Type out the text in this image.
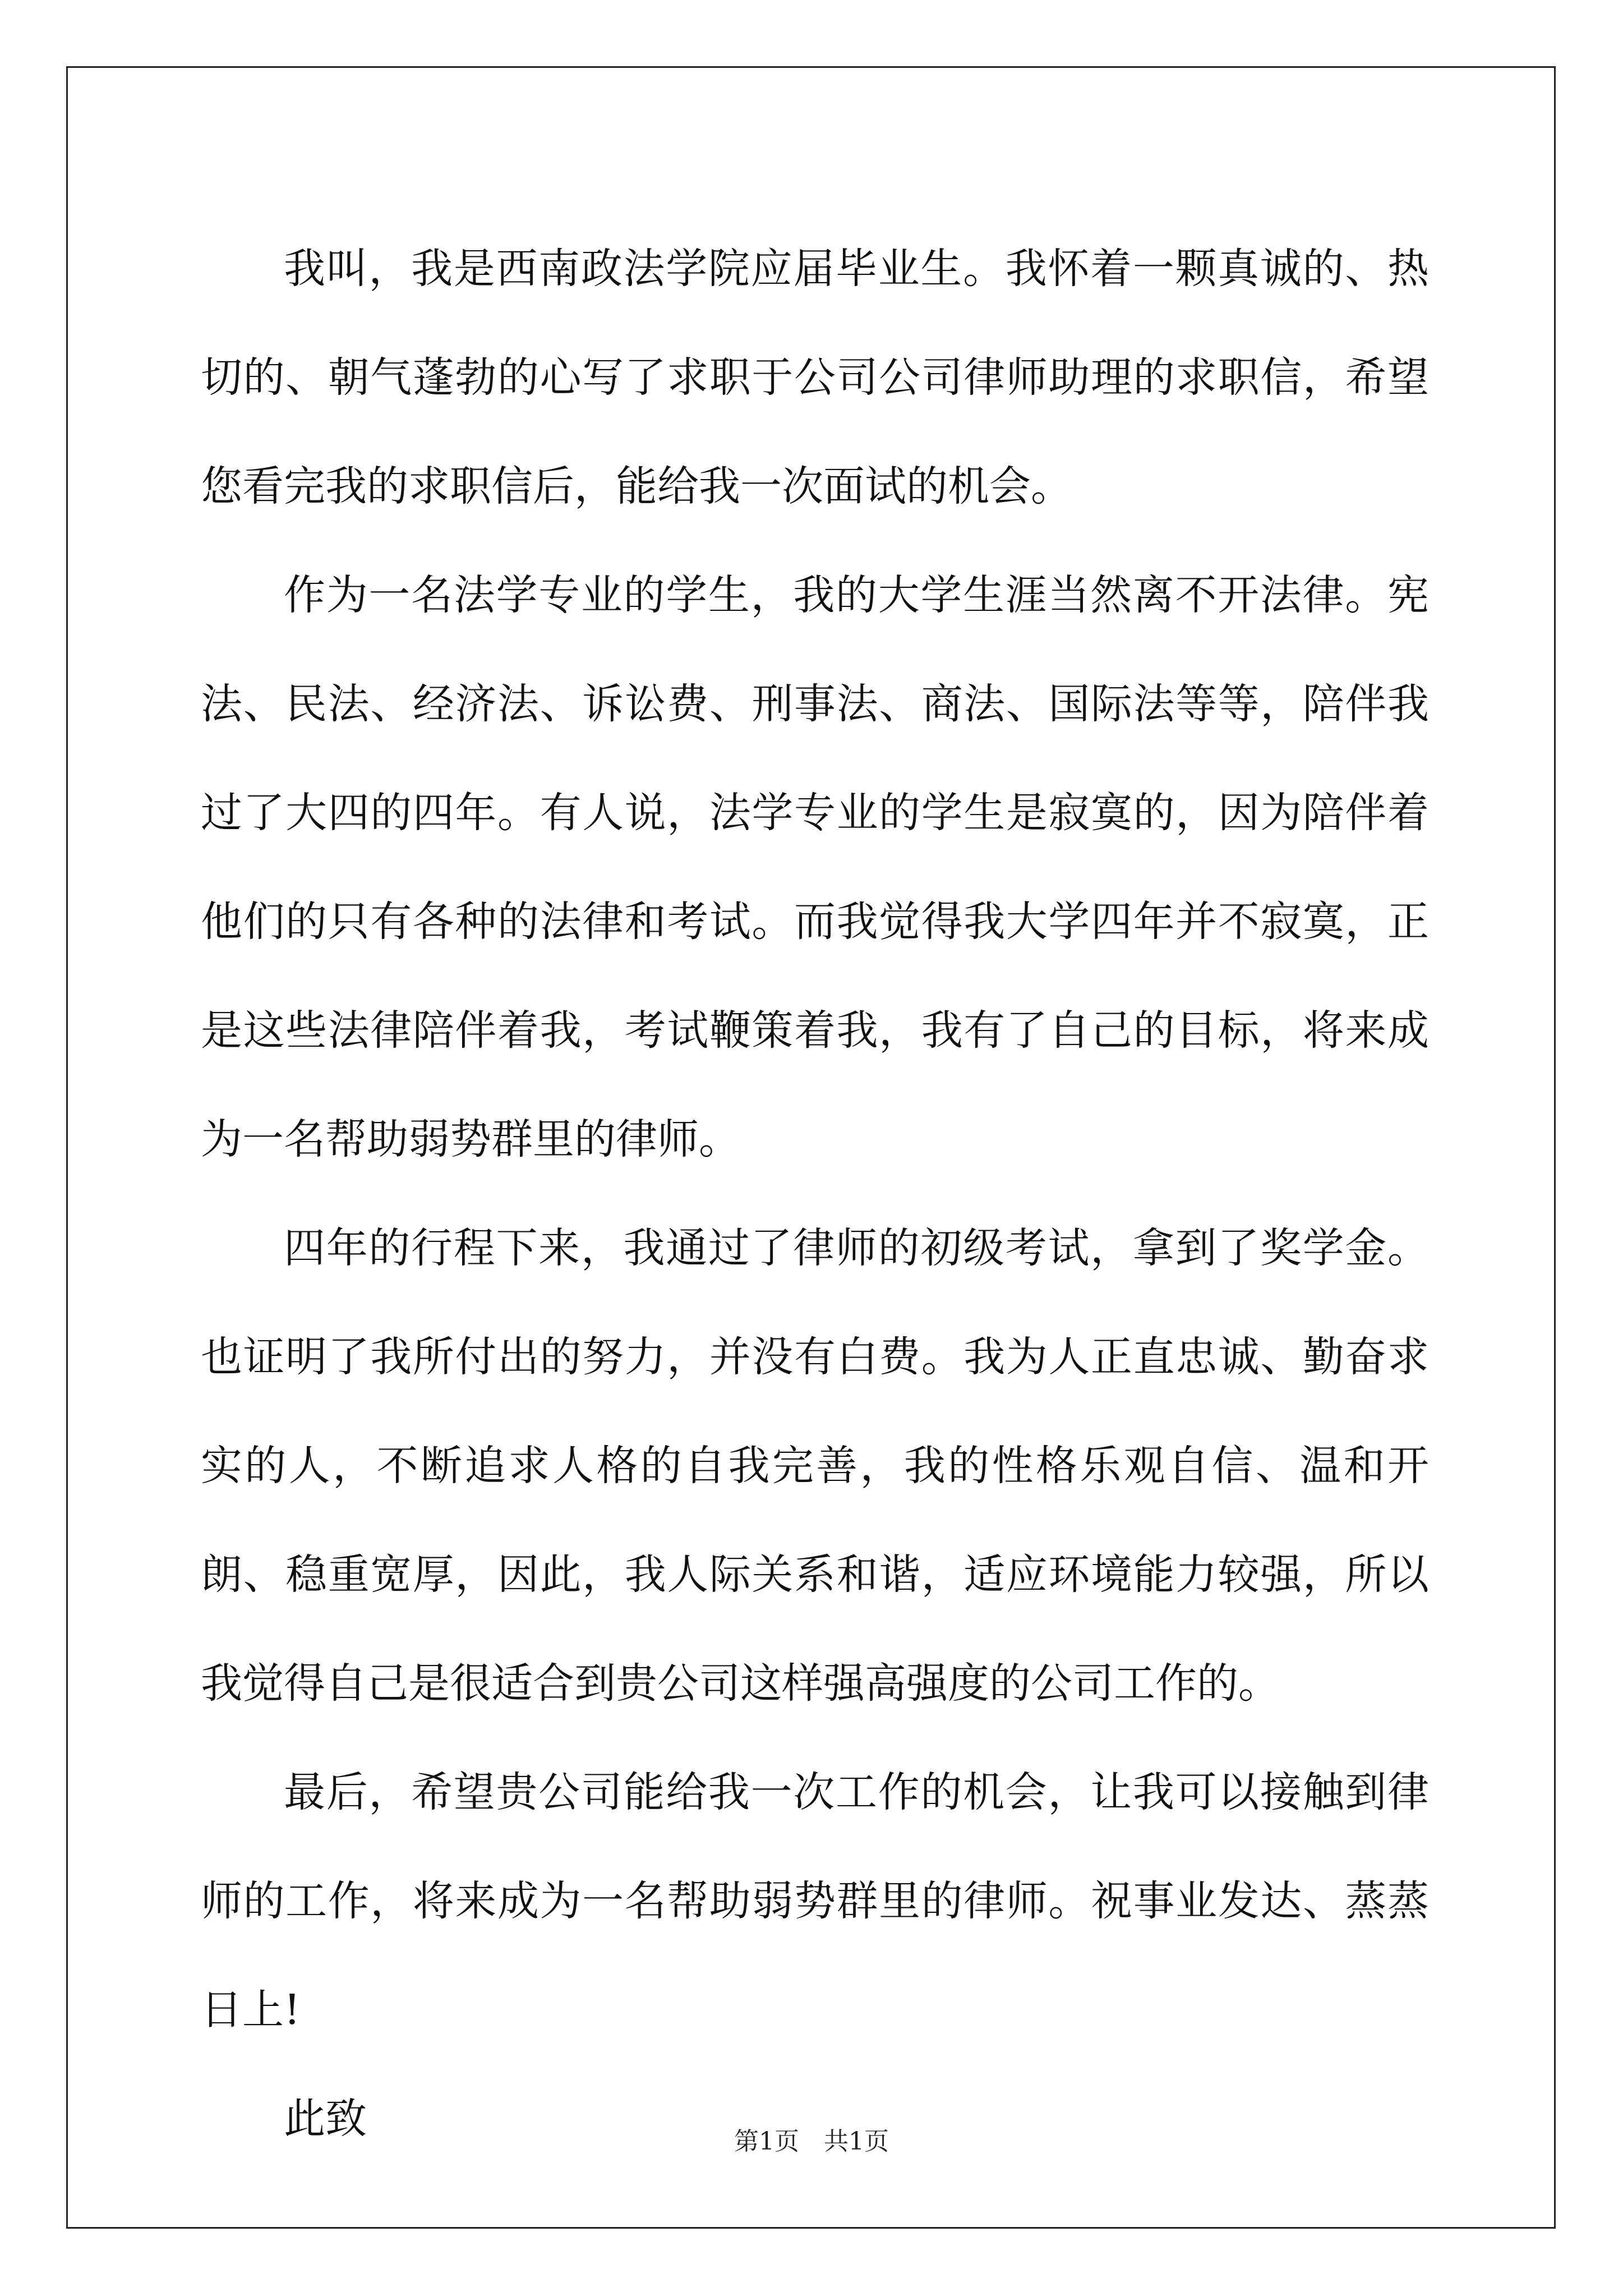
我叫，我是西南政法学院应届毕业生。我怀着一颗真诚的、热切的、朝气蓬勃的心写了求职于公司公司律师助理的求职信，希望您看完我的求职信后，能给我一次面试的机会。

作为一名法学专业的学生，我的大学生涯当然离不开法律。宪法、民法、经济法、诉讼费、刑事法、商法、国际法等等，陪伴我过了大四的四年。有人说，法学专业的学生是寂寞的，因为陪伴着他们的只有各种的法律和考试。而我觉得我大学四年并不寂寞，正是这些法律陪伴着我，考试鞭策着我，我有了自己的目标，将来成为一名帮助弱势群里的律师。

四年的行程下来，我通过了律师的初级考试，拿到了奖学金。也证明了我所付出的努力，并没有白费。我为人正直忠诚、勤奋求实的人，不断追求人格的自我完善，我的性格乐观自信、温和开朗、稳重宽厚，因此，我人际关系和谐，适应环境能力较强，所以我觉得自己是很适合到贵公司这样强高强度的公司工作的。

最后，希望贵公司能给我一次工作的机会，让我可以接触到律师的工作，将来成为一名帮助弱势群里的律师。祝事业发达、蒸蒸日上!

此致	第1页　共1页
